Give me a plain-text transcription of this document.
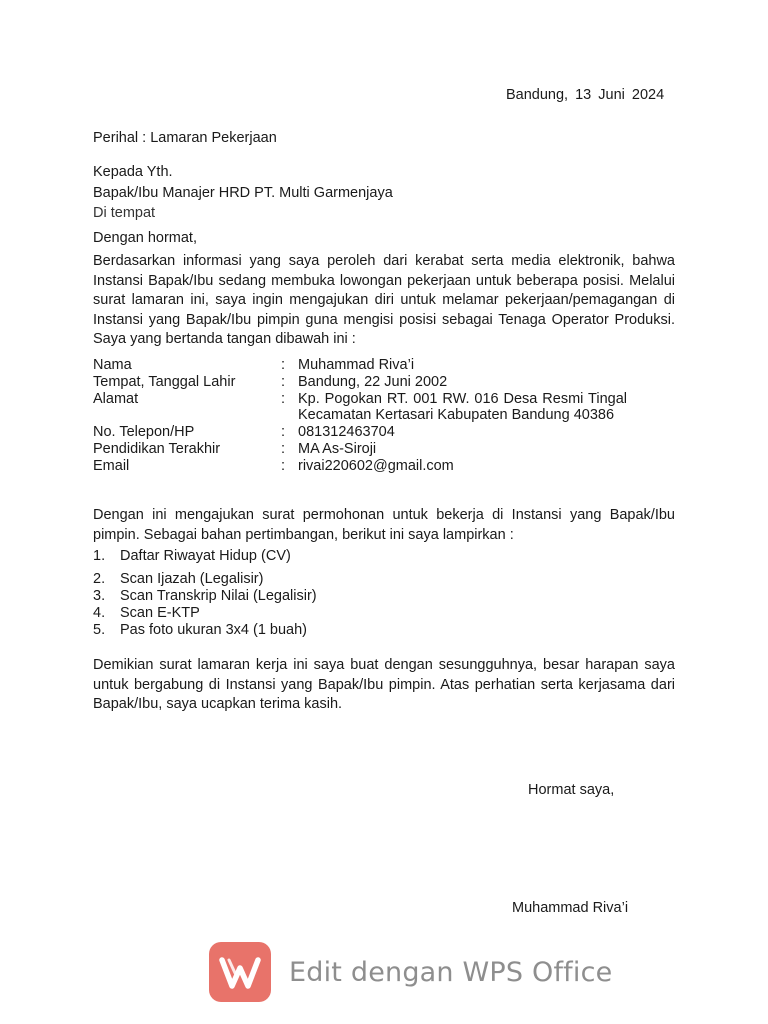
Bandung, 13 Juni 2024
Perihal : Lamaran Pekerjaan
Kepada Yth.
Bapak/Ibu Manajer HRD PT. Multi Garmenjaya
Di tempat
Dengan hormat,
Berdasarkan informasi yang saya peroleh dari kerabat serta media elektronik, bahwa Instansi Bapak/Ibu sedang membuka lowongan pekerjaan untuk beberapa posisi. Melalui surat lamaran ini, saya ingin mengajukan diri untuk melamar pekerjaan/pemagangan di Instansi yang Bapak/Ibu pimpin guna mengisi posisi sebagai Tenaga Operator Produksi. Saya yang bertanda tangan dibawah ini :
Nama	: Muhammad Riva’i
Tempat, Tanggal Lahir	: Bandung, 22 Juni 2002
Alamat	: Kp. Pogokan RT. 001 RW. 016 Desa Resmi Tingal Kecamatan Kertasari Kabupaten Bandung 40386
No. Telepon/HP	: 081312463704
Pendidikan Terakhir	: MA As-Siroji
Email	: rivai220602@gmail.com
Dengan ini mengajukan surat permohonan untuk bekerja di Instansi yang Bapak/Ibu pimpin. Sebagai bahan pertimbangan, berikut ini saya lampirkan :
1.	Daftar Riwayat Hidup (CV)
2.	Scan Ijazah (Legalisir)
3.	Scan Transkrip Nilai (Legalisir)
4.	Scan E-KTP
5.	Pas foto ukuran 3x4 (1 buah)
Demikian surat lamaran kerja ini saya buat dengan sesungguhnya, besar harapan saya untuk bergabung di Instansi yang Bapak/Ibu pimpin. Atas perhatian serta kerjasama dari Bapak/Ibu, saya ucapkan terima kasih.
Hormat saya,
Muhammad Riva’i
Edit dengan WPS Office
